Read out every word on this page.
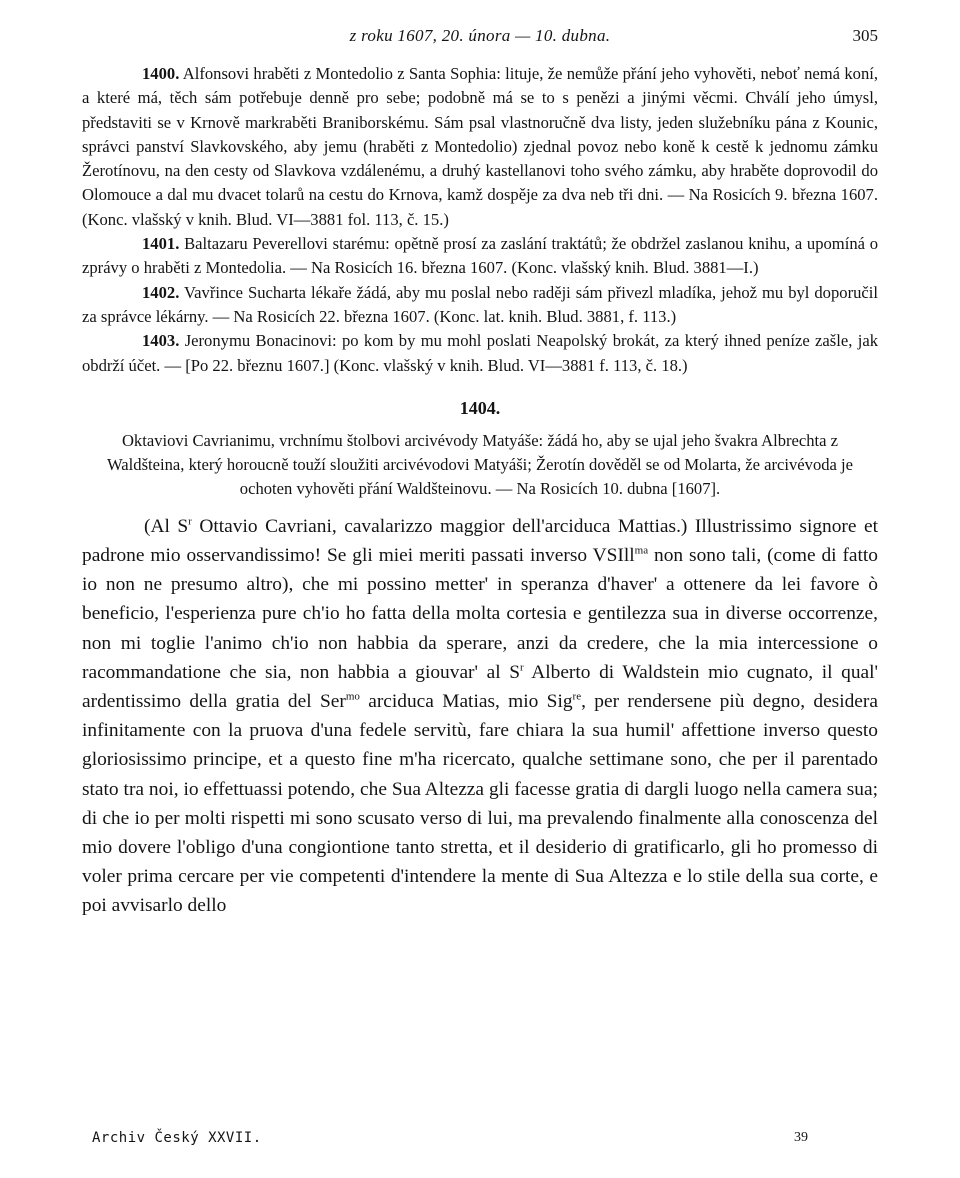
z roku 1607, 20. února — 10. dubna.	305

1400. Alfonsovi hraběti z Montedolio z Santa Sophia: lituje, že nemůže přání jeho vyhověti, neboť nemá koní, a které má, těch sám potřebuje denně pro sebe; podobně má se to s penězi a jinými věcmi. Chválí jeho úmysl, představiti se v Krnově markraběti Braniborskému. Sám psal vlastnoručně dva listy, jeden služebníku pána z Kounic, správci panství Slavkovského, aby jemu (hraběti z Montedolio) zjednal povoz nebo koně k cestě k jednomu zámku Žerotínovu, na den cesty od Slavkova vzdálenému, a druhý kastellanovi toho svého zámku, aby hraběte doprovodil do Olomouce a dal mu dvacet tolarů na cestu do Krnova, kamž dospěje za dva neb tři dni. — Na Rosicích 9. března 1607. (Konc. vlašský v knih. Blud. VI—3881 fol. 113, č. 15.)

1401. Baltazaru Peverellovi starému: opětně prosí za zaslání traktátů; že obdržel zaslanou knihu, a upomíná o zprávy o hraběti z Montedolia. — Na Rosicích 16. března 1607. (Konc. vlašský knih. Blud. 3881—I.)

1402. Vavřince Sucharta lékaře žádá, aby mu poslal nebo raději sám přivezl mladíka, jehož mu byl doporučil za správce lékárny. — Na Rosicích 22. března 1607. (Konc. lat. knih. Blud. 3881, f. 113.)

1403. Jeronymu Bonacinovi: po kom by mu mohl poslati Neapolský brokát, za který ihned peníze zašle, jak obdrží účet. — [Po 22. březnu 1607.] (Konc. vlašský v knih. Blud. VI—3881 f. 113, č. 18.)

1404.

Oktaviovi Cavrianimu, vrchnímu štolbovi arcivévody Matyáše: žádá ho, aby se ujal jeho švakra Albrechta z Waldšteina, který horoucně touží sloužiti arcivévodovi Matyáši; Žerotín dověděl se od Molarta, že arcivévoda je ochoten vyhověti přání Waldšteinovu. — Na Rosicích 10. dubna [1607].

(Al $S^r$ Ottavio Cavriani, cavalarizzo maggior dell'arciduca Mattias.) Illustrissimo signore et padrone mio osservandissimo! Se gli miei meriti passati inverso VSIll$^{ma}$ non sono tali, (come di fatto io non ne presumo altro), che mi possino metter' in speranza d'haver' a ottenere da lei favore ò beneficio, l'esperienza pure ch'io ho fatta della molta cortesia e gentilezza sua in diverse occorrenze, non mi toglie l'animo ch'io non habbia da sperare, anzi da credere, che la mia intercessione o racommandatione che sia, non habbia a giouvar' al $S^r$ Alberto di Waldstein mio cugnato, il qual' ardentissimo della gratia del Ser$^{mo}$ arciduca Matias, mio Sig$^{re}$, per rendersene più degno, desidera infinitamente con la pruova d'una fedele servitù, fare chiara la sua humil' affettione inverso questo gloriosissimo principe, et a questo fine m'ha ricercato, qualche settimane sono, che per il parentado stato tra noi, io effettuassi potendo, che Sua Altezza gli facesse gratia di dargli luogo nella camera sua; di che io per molti rispetti mi sono scusato verso di lui, ma prevalendo finalmente alla conoscenza del mio dovere l'obligo d'una congiontione tanto stretta, et il desiderio di gratificarlo, gli ho promesso di voler prima cercare per vie competenti d'intendere la mente di Sua Altezza e lo stile della sua corte, e poi avvisarlo dello

Archiv Český XXVII.	39
